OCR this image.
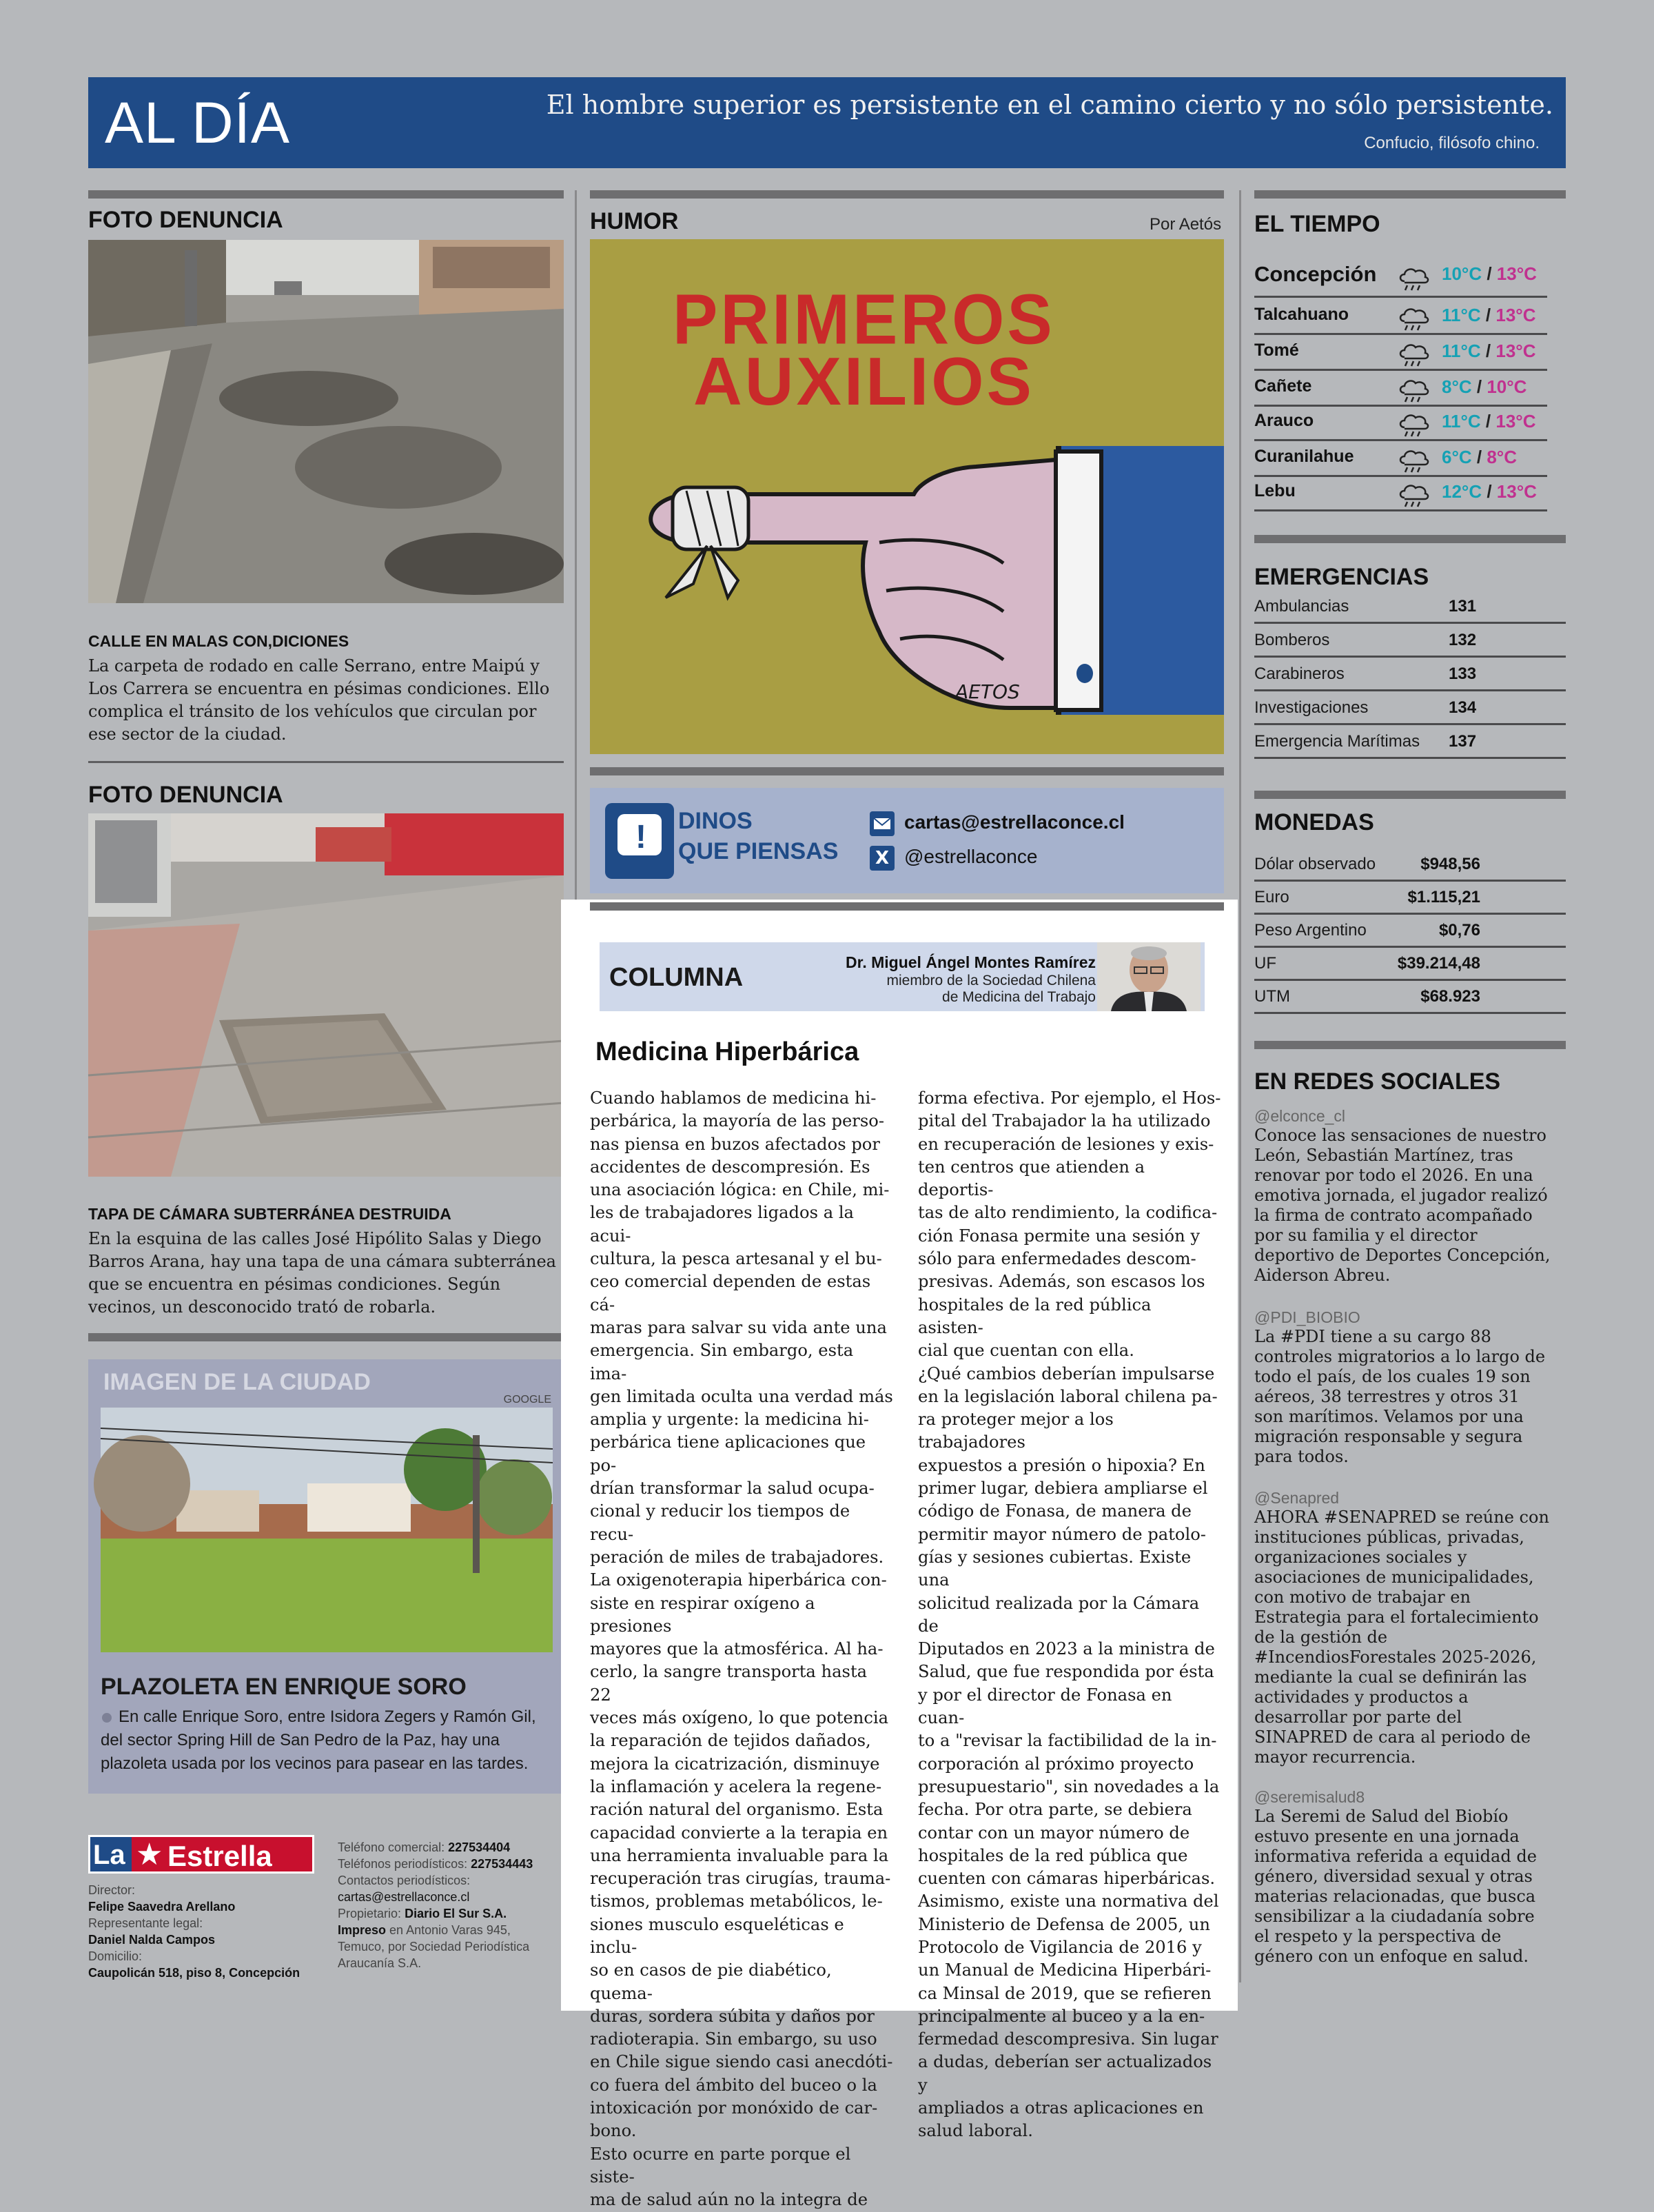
AL DÍA	El hombre superior es persistente en el camino cierto y no sólo persistente.
Confucio, filósofo chino.
FOTO DENUNCIA
CALLE EN MALAS CON,DICIONES
La carpeta de rodado en calle Serrano, entre Maipú y Los Carrera se encuentra en pésimas condiciones. Ello complica el tránsito de los vehículos que circulan por ese sector de la ciudad.
FOTO DENUNCIA
TAPA DE CÁMARA SUBTERRÁNEA DESTRUIDA
En la esquina de las calles José Hipólito Salas y Diego Barros Arana, hay una tapa de una cámara subterránea que se encuentra en pésimas condiciones. Según vecinos, un desconocido trató de robarla.
IMAGEN DE LA CIUDAD
GOOGLE
PLAZOLETA EN ENRIQUE SORO
En calle Enrique Soro, entre Isidora Zegers y Ramón Gil, del sector Spring Hill de San Pedro de la Paz, hay una plazoleta usada por los vecinos para pasear en las tardes.
La ★ Estrella
Director:
Felipe Saavedra Arellano
Representante legal:
Daniel Nalda Campos
Domicilio:
Caupolicán 518, piso 8, Concepción
Teléfono comercial: 227534404
Teléfonos periodísticos: 227534443
Contactos periodísticos:
cartas@estrellaconce.cl
Propietario: Diario El Sur S.A.
Impreso en Antonio Varas 945, Temuco, por Sociedad Periodística Araucanía S.A.
HUMOR	Por Aetós
PRIMEROS
AUXILIOS
AETOS
! DINOS
QUE PIENSAS
cartas@estrellaconce.cl
X @estrellaconce
COLUMNA
Dr. Miguel Ángel Montes Ramírez
miembro de la Sociedad Chilena
de Medicina del Trabajo
Medicina Hiperbárica
Cuando hablamos de medicina hi-
perbárica, la mayoría de las perso-
nas piensa en buzos afectados por
accidentes de descompresión. Es
una asociación lógica: en Chile, mi-
les de trabajadores ligados a la acui-
cultura, la pesca artesanal y el bu-
ceo comercial dependen de estas cá-
maras para salvar su vida ante una
emergencia. Sin embargo, esta ima-
gen limitada oculta una verdad más
amplia y urgente: la medicina hi-
perbárica tiene aplicaciones que po-
drían transformar la salud ocupa-
cional y reducir los tiempos de recu-
peración de miles de trabajadores.
La oxigenoterapia hiperbárica con-
siste en respirar oxígeno a presiones
mayores que la atmosférica. Al ha-
cerlo, la sangre transporta hasta 22
veces más oxígeno, lo que potencia
la reparación de tejidos dañados,
mejora la cicatrización, disminuye
la inflamación y acelera la regene-
ración natural del organismo. Esta
capacidad convierte a la terapia en
una herramienta invaluable para la
recuperación tras cirugías, trauma-
tismos, problemas metabólicos, le-
siones musculo esqueléticas e inclu-
so en casos de pie diabético, quema-
duras, sordera súbita y daños por
radioterapia. Sin embargo, su uso
en Chile sigue siendo casi anecdóti-
co fuera del ámbito del buceo o la
intoxicación por monóxido de car-
bono.
Esto ocurre en parte porque el siste-
ma de salud aún no la integra de
forma efectiva. Por ejemplo, el Hos-
pital del Trabajador la ha utilizado
en recuperación de lesiones y exis-
ten centros que atienden a deportis-
tas de alto rendimiento, la codifica-
ción Fonasa permite una sesión y
sólo para enfermedades descom-
presivas. Además, son escasos los
hospitales de la red pública asisten-
cial que cuentan con ella.
¿Qué cambios deberían impulsarse
en la legislación laboral chilena pa-
ra proteger mejor a los trabajadores
expuestos a presión o hipoxia? En
primer lugar, debiera ampliarse el
código de Fonasa, de manera de
permitir mayor número de patolo-
gías y sesiones cubiertas. Existe una
solicitud realizada por la Cámara de
Diputados en 2023 a la ministra de
Salud, que fue respondida por ésta
y por el director de Fonasa en cuan-
to a "revisar la factibilidad de la in-
corporación al próximo proyecto
presupuestario", sin novedades a la
fecha. Por otra parte, se debiera
contar con un mayor número de
hospitales de la red pública que
cuenten con cámaras hiperbáricas.
Asimismo, existe una normativa del
Ministerio de Defensa de 2005, un
Protocolo de Vigilancia de 2016 y
un Manual de Medicina Hiperbári-
ca Minsal de 2019, que se refieren
principalmente al buceo y a la en-
fermedad descompresiva. Sin lugar
a dudas, deberían ser actualizados y
ampliados a otras aplicaciones en
salud laboral.
EL TIEMPO
Concepción	10°C / 13°C
Talcahuano	11°C / 13°C
Tomé	11°C / 13°C
Cañete	8°C / 10°C
Arauco	11°C / 13°C
Curanilahue	6°C / 8°C
Lebu	12°C / 13°C
EMERGENCIAS
Ambulancias	131
Bomberos	132
Carabineros	133
Investigaciones	134
Emergencia Marítimas 137
MONEDAS
Dólar observado	$948,56
Euro	$1.115,21
Peso Argentino	$0,76
UF	$39.214,48
UTM	$68.923
EN REDES SOCIALES
@elconce_cl
Conoce las sensaciones de nuestro León, Sebastián Martínez, tras renovar por todo el 2026. En una emotiva jornada, el jugador realizó la firma de contrato acompañado por su familia y el director deportivo de Deportes Concepción, Aiderson Abreu.
@PDI_BIOBIO
La #PDI tiene a su cargo 88 controles migratorios a lo largo de todo el país, de los cuales 19 son aéreos, 38 terrestres y otros 31 son marítimos. Velamos por una migración responsable y segura para todos.
@Senapred
AHORA #SENAPRED se reúne con instituciones públicas, privadas, organizaciones sociales y asociaciones de municipalidades, con motivo de trabajar en Estrategia para el fortalecimiento de la gestión de #IncendiosForestales 2025-2026, mediante la cual se definirán las actividades y productos a desarrollar por parte del SINAPRED de cara al periodo de mayor recurrencia.
@seremisalud8
La Seremi de Salud del Biobío estuvo presente en una jornada informativa referida a equidad de género, diversidad sexual y otras materias relacionadas, que busca sensibilizar a la ciudadanía sobre el respeto y la perspectiva de género con un enfoque en salud.
